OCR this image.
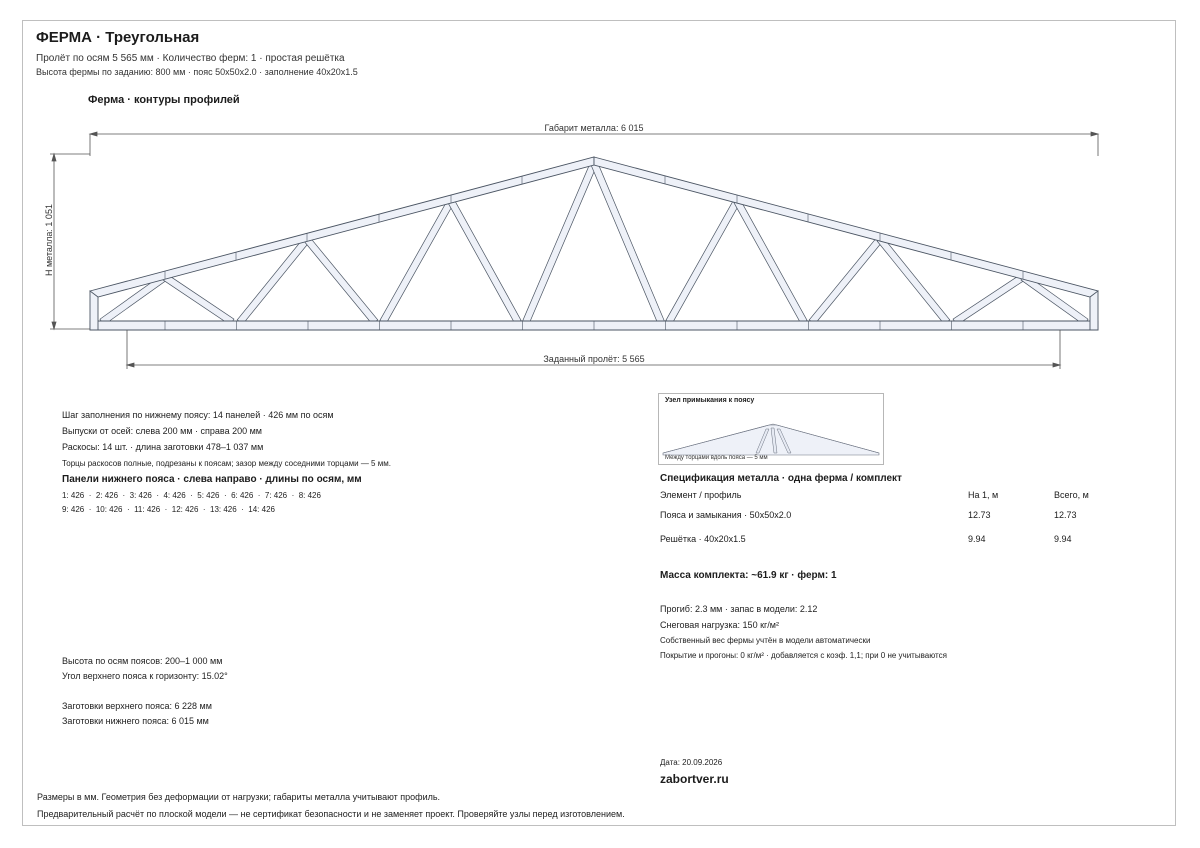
ФЕРМА · Треугольная
Пролёт по осям 5 565 мм · Количество ферм: 1 · простая решётка
Высота фермы по заданию: 800 мм · пояс 50х50х2.0 · заполнение 40х20х1.5
Ферма · контуры профилей
Габарит металла: 6 015
Заданный пролёт: 5 565
Н металла: 1 051
Узел примыкания к поясу
Между торцами вдоль пояса — 5 мм
Шаг заполнения по нижнему поясу: 14 панелей · 426 мм по осям
Выпуски от осей: слева 200 мм · справа 200 мм
Раскосы: 14 шт. · длина заготовки 478–1 037 мм
Торцы раскосов полные, подрезаны к поясам; зазор между соседними торцами — 5 мм.
Панели нижнего пояса · слева направо · длины по осям, мм
1: 426  ·  2: 426  ·  3: 426  ·  4: 426  ·  5: 426  ·  6: 426  ·  7: 426  ·  8: 426
9: 426  ·  10: 426  ·  11: 426  ·  12: 426  ·  13: 426  ·  14: 426
Спецификация металла · одна ферма / комплект
Элемент / профиль	На 1, м	Всего, м
Пояса и замыкания · 50х50х2.0	12.73	12.73
Решётка · 40х20х1.5	9.94	9.94
Масса комплекта: ~61.9 кг · ферм: 1
Прогиб: 2.3 мм · запас в модели: 2.12
Снеговая нагрузка: 150 кг/м²
Собственный вес фермы учтён в модели автоматически
Покрытие и прогоны: 0 кг/м² · добавляется с коэф. 1,1; при 0 не учитываются
Высота по осям поясов: 200–1 000 мм
Угол верхнего пояса к горизонту: 15.02°
Заготовки верхнего пояса: 6 228 мм
Заготовки нижнего пояса: 6 015 мм
Дата: 20.09.2026
zabortver.ru
Размеры в мм. Геометрия без деформации от нагрузки; габариты металла учитывают профиль.
Предварительный расчёт по плоской модели — не сертификат безопасности и не заменяет проект. Проверяйте узлы перед изготовлением.
